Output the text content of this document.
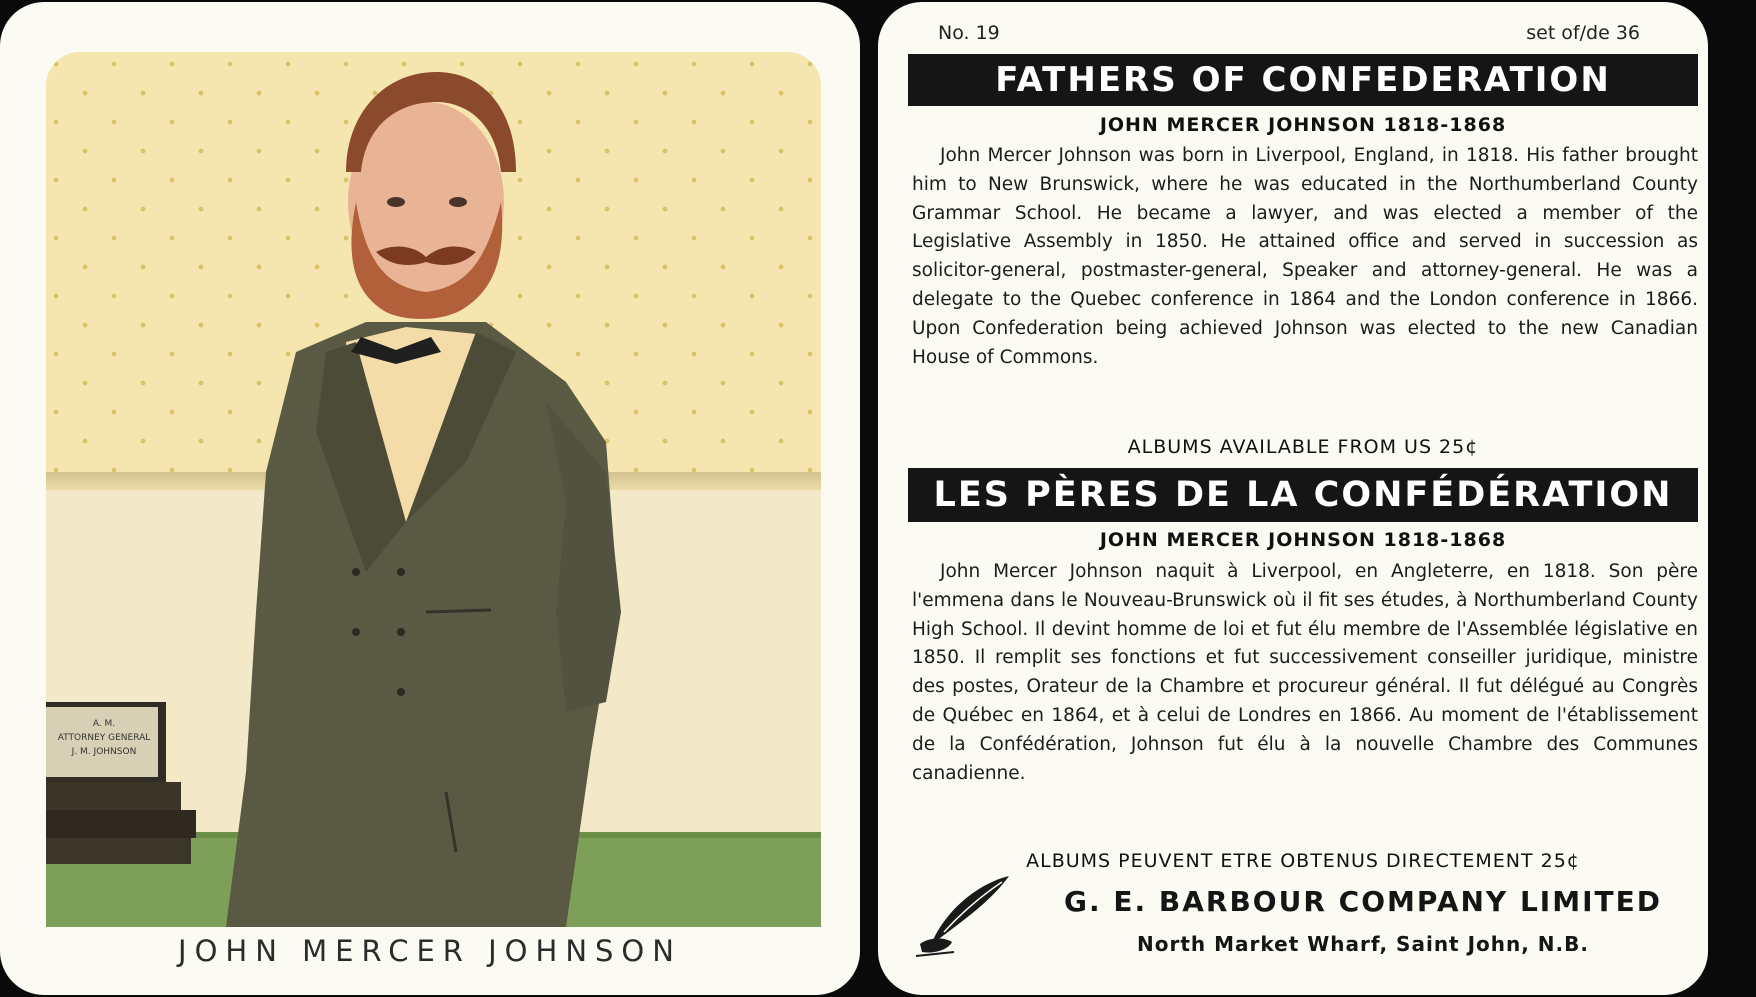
A. M.
ATTORNEY GENERAL
J. M. JOHNSON
JOHN MERCER JOHNSON
No. 19	set of/de 36
FATHERS OF CONFEDERATION
JOHN MERCER JOHNSON 1818-1868

John Mercer Johnson was born in Liverpool, England, in 1818. His father brought him to New Brunswick, where he was educated in the Northumberland County Grammar School. He became a lawyer, and was elected a member of the Legislative Assembly in 1850. He attained office and served in succession as solicitor-general, postmaster-general, Speaker and attorney-general. He was a delegate to the Quebec conference in 1864 and the London conference in 1866. Upon Confederation being achieved Johnson was elected to the new Canadian House of Commons.

ALBUMS AVAILABLE FROM US 25¢
LES PÈRES DE LA CONFÉDÉRATION
JOHN MERCER JOHNSON 1818-1868

John Mercer Johnson naquit à Liverpool, en Angleterre, en 1818. Son père l'emmena dans le Nouveau-Brunswick où il fit ses études, à Northumberland County High School. Il devint homme de loi et fut élu membre de l'Assemblée législative en 1850. Il remplit ses fonctions et fut successivement conseiller juridique, ministre des postes, Orateur de la Chambre et procureur général. Il fut délégué au Congrès de Québec en 1864, et à celui de Londres en 1866. Au moment de l'établissement de la Confédération, Johnson fut élu à la nouvelle Chambre des Communes canadienne.

ALBUMS PEUVENT ETRE OBTENUS DIRECTEMENT 25¢
G. E. BARBOUR COMPANY LIMITED
North Market Wharf, Saint John, N.B.
